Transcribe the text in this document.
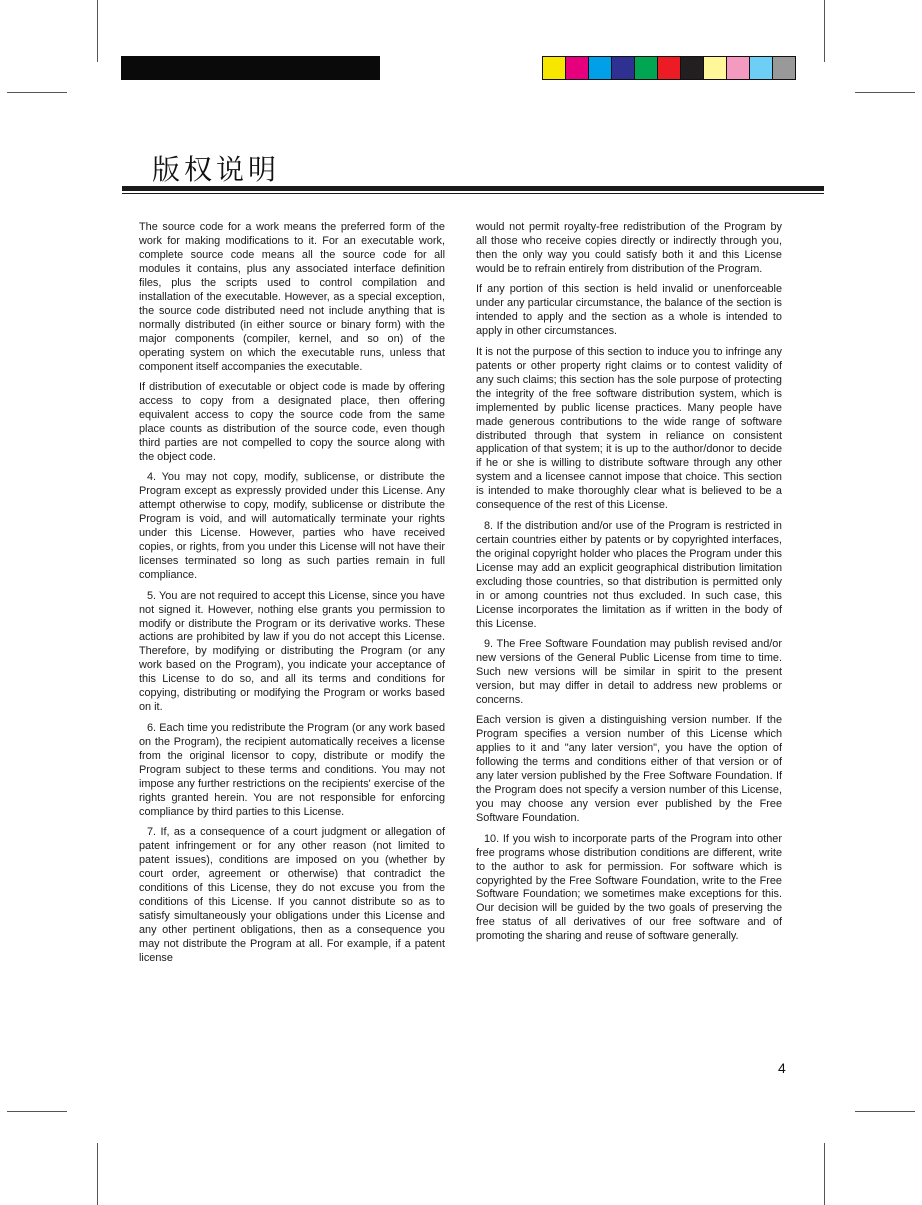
版权说明

The source code for a work means the preferred form of the work for making modifications to it. For an executable work, complete source code means all the source code for all modules it contains, plus any associated interface definition files, plus the scripts used to control compilation and installation of the executable. However, as a special exception, the source code distributed need not include anything that is normally distributed (in either source or binary form) with the major components (compiler, kernel, and so on) of the operating system on which the executable runs, unless that component itself accompanies the executable.

If distribution of executable or object code is made by offering access to copy from a designated place, then offering equivalent access to copy the source code from the same place counts as distribution of the source code, even though third parties are not compelled to copy the source along with the object code.

4. You may not copy, modify, sublicense, or distribute the Program except as expressly provided under this License. Any attempt otherwise to copy, modify, sublicense or distribute the Program is void, and will automatically terminate your rights under this License. However, parties who have received copies, or rights, from you under this License will not have their licenses terminated so long as such parties remain in full compliance.

5. You are not required to accept this License, since you have not signed it. However, nothing else grants you permission to modify or distribute the Program or its derivative works. These actions are prohibited by law if you do not accept this License. Therefore, by modifying or distributing the Program (or any work based on the Program), you indicate your acceptance of this License to do so, and all its terms and conditions for copying, distributing or modifying the Program or works based on it.

6. Each time you redistribute the Program (or any work based on the Program), the recipient automatically receives a license from the original licensor to copy, distribute or modify the Program subject to these terms and conditions. You may not impose any further restrictions on the recipients' exercise of the rights granted herein. You are not responsible for enforcing compliance by third parties to this License.

7. If, as a consequence of a court judgment or allegation of patent infringement or for any other reason (not limited to patent issues), conditions are imposed on you (whether by court order, agreement or otherwise) that contradict the conditions of this License, they do not excuse you from the conditions of this License. If you cannot distribute so as to satisfy simultaneously your obligations under this License and any other pertinent obligations, then as a consequence you may not distribute the Program at all. For example, if a patent license

would not permit royalty-free redistribution of the Program by all those who receive copies directly or indirectly through you, then the only way you could satisfy both it and this License would be to refrain entirely from distribution of the Program.

If any portion of this section is held invalid or unenforceable under any particular circumstance, the balance of the section is intended to apply and the section as a whole is intended to apply in other circumstances.

It is not the purpose of this section to induce you to infringe any patents or other property right claims or to contest validity of any such claims; this section has the sole purpose of protecting the integrity of the free software distribution system, which is implemented by public license practices. Many people have made generous contributions to the wide range of software distributed through that system in reliance on consistent application of that system; it is up to the author/donor to decide if he or she is willing to distribute software through any other system and a licensee cannot impose that choice. This section is intended to make thoroughly clear what is believed to be a consequence of the rest of this License.

8. If the distribution and/or use of the Program is restricted in certain countries either by patents or by copyrighted interfaces, the original copyright holder who places the Program under this License may add an explicit geographical distribution limitation excluding those countries, so that distribution is permitted only in or among countries not thus excluded. In such case, this License incorporates the limitation as if written in the body of this License.

9. The Free Software Foundation may publish revised and/or new versions of the General Public License from time to time. Such new versions will be similar in spirit to the present version, but may differ in detail to address new problems or concerns.

Each version is given a distinguishing version number. If the Program specifies a version number of this License which applies to it and "any later version", you have the option of following the terms and conditions either of that version or of any later version published by the Free Software Foundation. If the Program does not specify a version number of this License, you may choose any version ever published by the Free Software Foundation.

10. If you wish to incorporate parts of the Program into other free programs whose distribution conditions are different, write to the author to ask for permission. For software which is copyrighted by the Free Software Foundation, write to the Free Software Foundation; we sometimes make exceptions for this. Our decision will be guided by the two goals of preserving the free status of all derivatives of our free software and of promoting the sharing and reuse of software generally.

4
